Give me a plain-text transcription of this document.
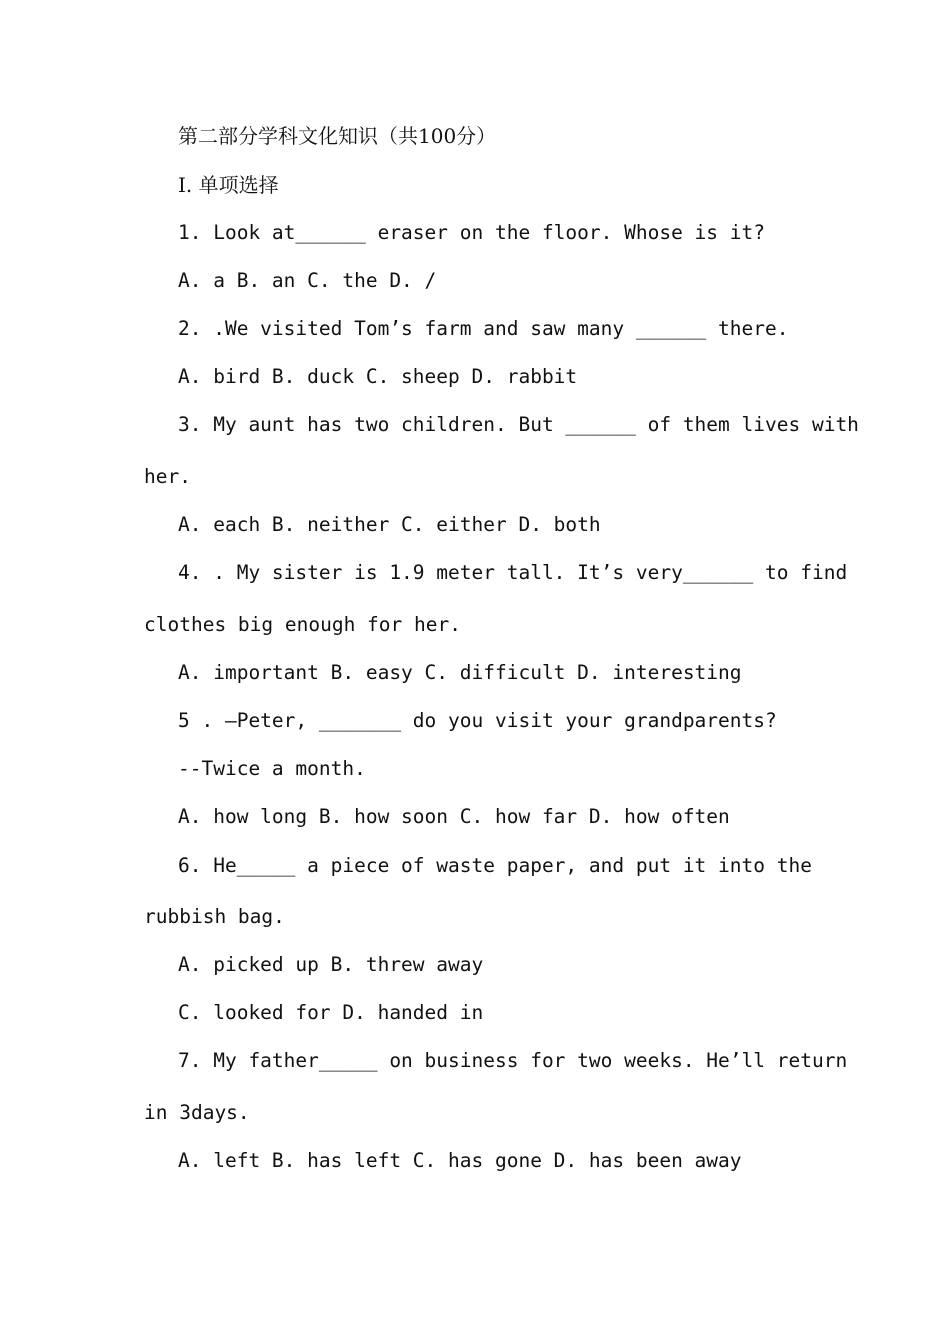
第二部分学科文化知识（共100分）
I. 单项选择
1. Look at______ eraser on the floor. Whose is it?
A. a B. an C. the D. /
2. .We visited Tom’s farm and saw many ______ there.
A. bird B. duck C. sheep D. rabbit
3. My aunt has two children. But ______ of them lives with
her.
A. each B. neither C. either D. both
4. . My sister is 1.9 meter tall. It’s very______ to find
clothes big enough for her.
A. important B. easy C. difficult D. interesting
5 . –Peter, _______ do you visit your grandparents?
--Twice a month.
A. how long B. how soon C. how far D. how often
6. He_____ a piece of waste paper, and put it into the
rubbish bag.
A. picked up B. threw away
C. looked for D. handed in
7. My father_____ on business for two weeks. He’ll return
in 3days.
A. left B. has left C. has gone D. has been away
